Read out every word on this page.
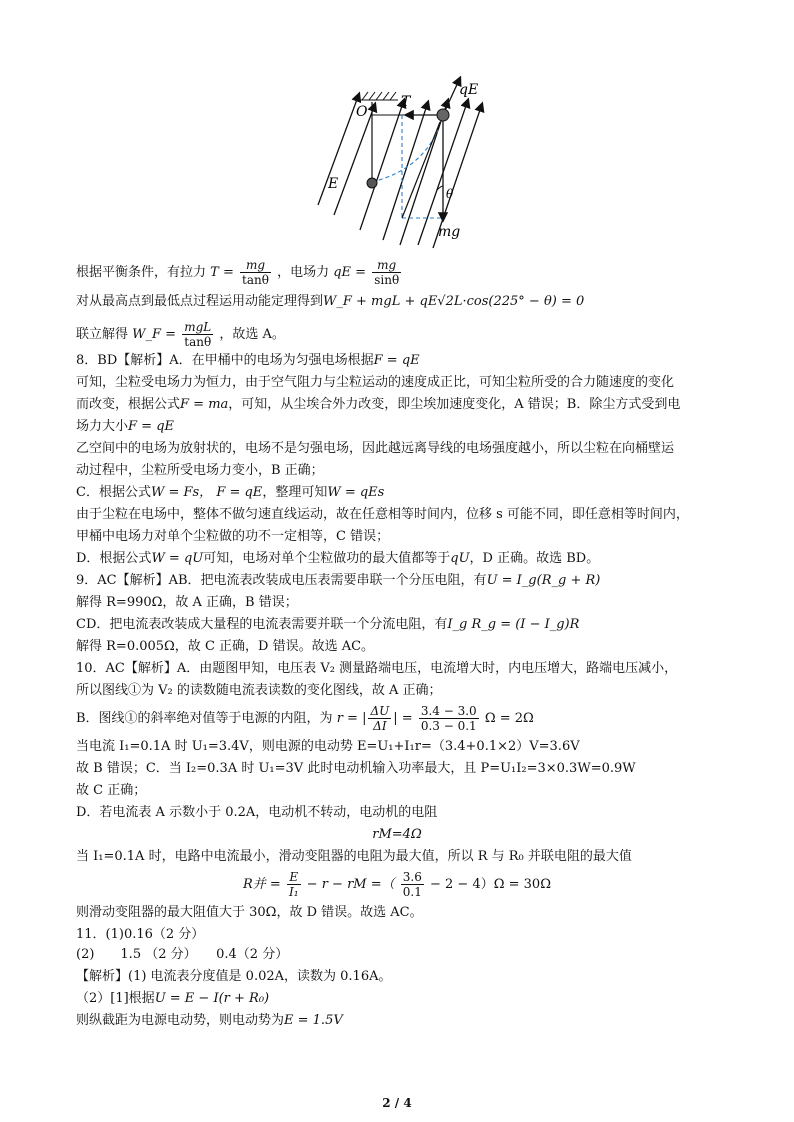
O
T
qE
E
θ
mg
根据平衡条件，有拉力 $T = \frac{mg}{\tan\theta}$ ，电场力 qE = $\frac{mg}{\sin\theta}$
对从最高点到最低点过程运用动能定理得到W_F + mgL + qE√2L·cos(225° − θ) = 0
联立解得 W_F = $\frac{\text{mgL}}{\tan\theta}$ ，故选 A。
8．BD【解析】A．在甲桶中的电场为匀强电场根据F = qE
可知，尘粒受电场力为恒力，由于空气阻力与尘粒运动的速度成正比，可知尘粒所受的合力随速度的变化
而改变，根据公式F = ma，可知，从尘埃合外力改变，即尘埃加速度变化，A 错误；B．除尘方式受到电
场力大小F = qE
乙空间中的电场为放射状的，电场不是匀强电场，因此越远离导线的电场强度越小，所以尘粒在向桶壁运
动过程中，尘粒所受电场力变小，B 正确；
C．根据公式W = Fs， F = qE，整理可知W = qEs
由于尘粒在电场中，整体不做匀速直线运动，故在任意相等时间内，位移 s 可能不同，即任意相等时间内，
甲桶中电场力对单个尘粒做的功不一定相等，C 错误；
D．根据公式W = qU可知，电场对单个尘粒做功的最大值都等于qU，D 正确。故选 BD。
9．AC【解析】AB．把电流表改装成电压表需要串联一个分压电阻，有U = I_g(R_g + R)
解得 R=990Ω，故 A 正确，B 错误；
CD．把电流表改装成大量程的电流表需要并联一个分流电阻，有I_g R_g = (I − I_g)R
解得 R=0.005Ω，故 C 正确，D 错误。故选 AC。
10．AC【解析】A．由题图甲知，电压表 V₂ 测量路端电压，电流增大时，内电压增大，路端电压减小，
所以图线①为 V₂ 的读数随电流表读数的变化图线，故 A 正确；
B．图线①的斜率绝对值等于电源的内阻，为 r = | $\frac{\Delta U}{\Delta I}$ | = $\frac{3.4 - 3.0}{0.3 - 0.1}$ Ω = 2Ω
当电流 I₁=0.1A 时 U₁=3.4V，则电源的电动势 E=U₁+I₁r=（3.4+0.1×2）V=3.6V
故 B 错误；C．当 I₂=0.3A 时 U₁=3V 此时电动机输入功率最大，且 P=U₁I₂=3×0.3W=0.9W
故 C 正确；
D．若电流表 A 示数小于 0.2A，电动机不转动，电动机的电阻
rM=4Ω
当 I₁=0.1A 时，电路中电流最小，滑动变阻器的电阻为最大值，所以 R 与 R₀ 并联电阻的最大值
R并 = $\frac{E}{\text{I₁}} - r$ − rM =（ $\frac{3.6}{0.1} - 2 - 4)\Omega = 30\Omega$
则滑动变阻器的最大阻值大于 30Ω，故 D 错误。故选 AC。
11．(1)0.16（2 分）
(2)　　1.5 （2 分）　　0.4（2 分）
【解析】(1) 电流表分度值是 0.02A，读数为 0.16A。
（2）[1]根据U = E − I(r + R₀)
则纵截距为电源电动势，则电动势为E = 1.5V
2 / 4
